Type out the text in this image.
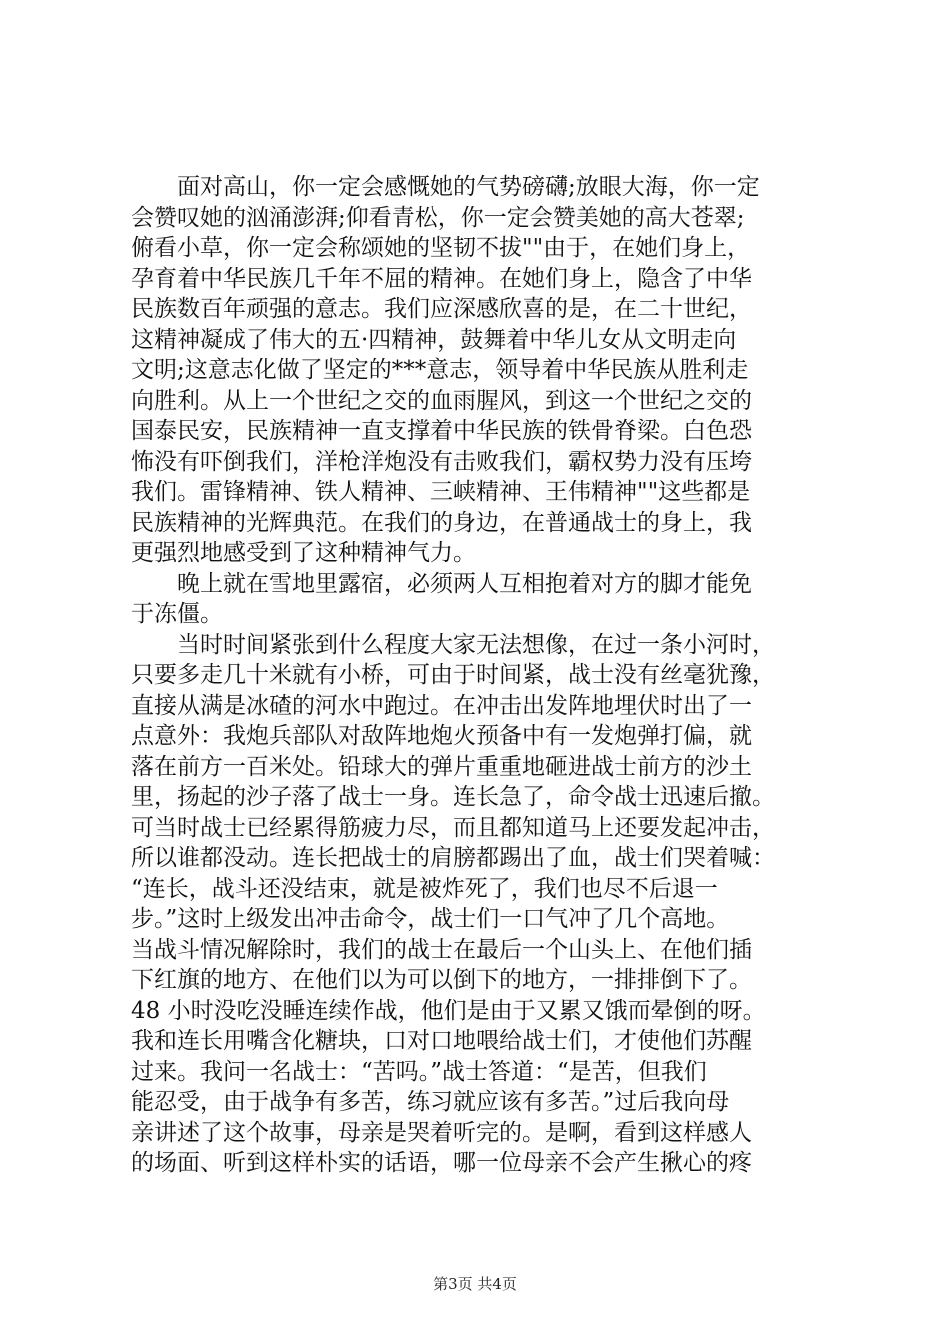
面对高山，你一定会感慨她的气势磅礴;放眼大海，你一定
会赞叹她的汹涌澎湃;仰看青松，你一定会赞美她的高大苍翠;
俯看小草，你一定会称颂她的坚韧不拔""由于，在她们身上，
孕育着中华民族几千年不屈的精神。在她们身上，隐含了中华
民族数百年顽强的意志。我们应深感欣喜的是，在二十世纪，
这精神凝成了伟大的五·四精神，鼓舞着中华儿女从文明走向
文明;这意志化做了坚定的***意志，领导着中华民族从胜利走
向胜利。从上一个世纪之交的血雨腥风，到这一个世纪之交的
国泰民安，民族精神一直支撑着中华民族的铁骨脊梁。白色恐
怖没有吓倒我们，洋枪洋炮没有击败我们，霸权势力没有压垮
我们。雷锋精神、铁人精神、三峡精神、王伟精神""这些都是
民族精神的光辉典范。在我们的身边，在普通战士的身上，我
更强烈地感受到了这种精神气力。
晚上就在雪地里露宿，必须两人互相抱着对方的脚才能免
于冻僵。
当时时间紧张到什么程度大家无法想像，在过一条小河时，
只要多走几十米就有小桥，可由于时间紧，战士没有丝毫犹豫，
直接从满是冰碴的河水中跑过。在冲击出发阵地埋伏时出了一
点意外：我炮兵部队对敌阵地炮火预备中有一发炮弹打偏，就
落在前方一百米处。铅球大的弹片重重地砸进战士前方的沙土
里，扬起的沙子落了战士一身。连长急了，命令战士迅速后撤。
可当时战士已经累得筋疲力尽，而且都知道马上还要发起冲击，
所以谁都没动。连长把战士的肩膀都踢出了血，战士们哭着喊：
“连长，战斗还没结束，就是被炸死了，我们也尽不后退一
步。”这时上级发出冲击命令，战士们一口气冲了几个高地。
当战斗情况解除时，我们的战士在最后一个山头上、在他们插
下红旗的地方、在他们以为可以倒下的地方，一排排倒下了。
48 小时没吃没睡连续作战，他们是由于又累又饿而晕倒的呀。
我和连长用嘴含化糖块，口对口地喂给战士们，才使他们苏醒
过来。我问一名战士：“苦吗。”战士答道：“是苦，但我们
能忍受，由于战争有多苦，练习就应该有多苦。”过后我向母
亲讲述了这个故事，母亲是哭着听完的。是啊，看到这样感人
的场面、听到这样朴实的话语，哪一位母亲不会产生揪心的疼
第3页 共4页
